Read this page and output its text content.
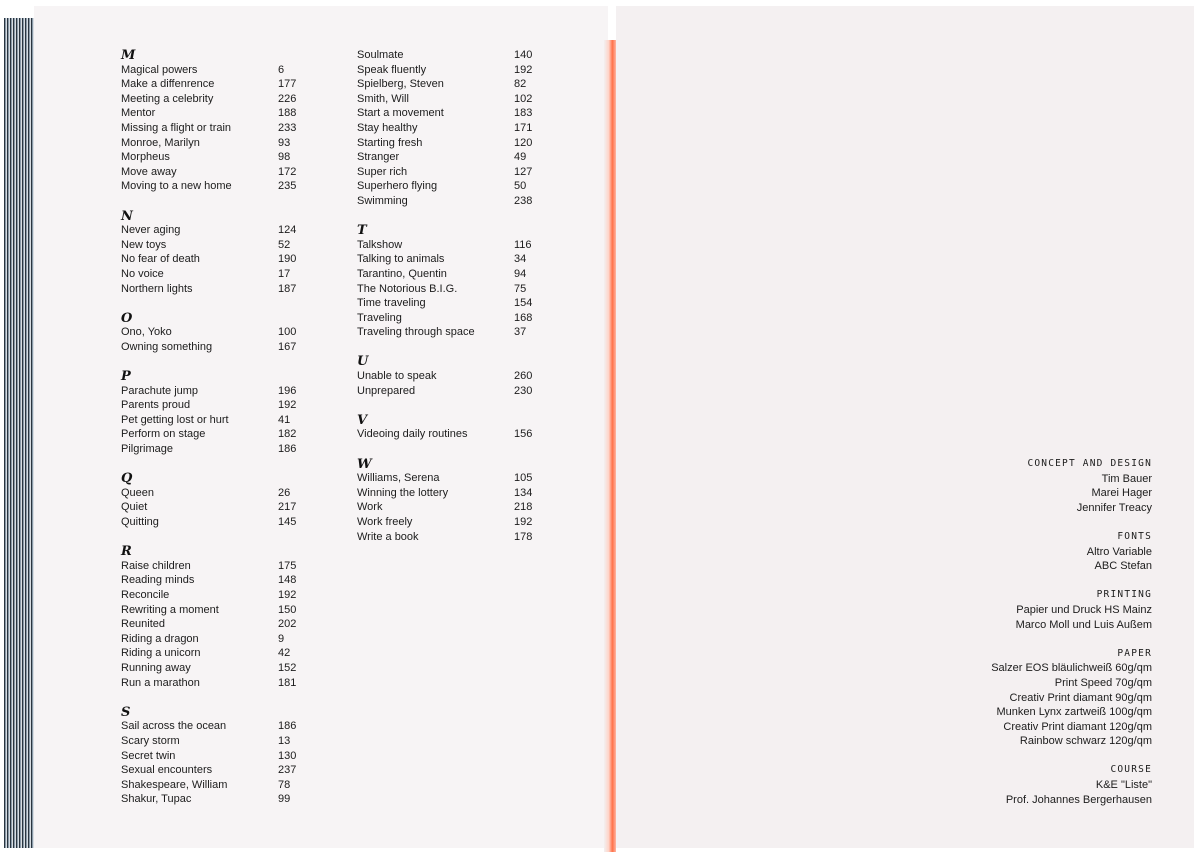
M
Magical powers	6
Make a diffenrence	177
Meeting a celebrity	226
Mentor	188
Missing a flight or train	233
Monroe, Marilyn	93
Morpheus	98
Move away	172
Moving to a new home	235
N
Never aging	124
New toys	52
No fear of death	190
No voice	17
Northern lights	187
O
Ono, Yoko	100
Owning something	167
P
Parachute jump	196
Parents proud	192
Pet getting lost or hurt	41
Perform on stage	182
Pilgrimage	186
Q
Queen	26
Quiet	217
Quitting	145
R
Raise children	175
Reading minds	148
Reconcile	192
Rewriting a moment	150
Reunited	202
Riding a dragon	9
Riding a unicorn	42
Running away	152
Run a marathon	181
S
Sail across the ocean	186
Scary storm	13
Secret twin	130
Sexual encounters	237
Shakespeare, William	78
Shakur, Tupac	99
Soulmate	140
Speak fluently	192
Spielberg, Steven	82
Smith, Will	102
Start a movement	183
Stay healthy	171
Starting fresh	120
Stranger	49
Super rich	127
Superhero flying	50
Swimming	238
T
Talkshow	116
Talking to animals	34
Tarantino, Quentin	94
The Notorious B.I.G.	75
Time traveling	154
Traveling	168
Traveling through space	37
U
Unable to speak	260
Unprepared	230
V
Videoing daily routines	156
W
Williams, Serena	105
Winning the lottery	134
Work	218
Work freely	192
Write a book	178
CONCEPT AND DESIGN
Tim Bauer
Marei Hager
Jennifer Treacy
FONTS
Altro Variable
ABC Stefan
PRINTING
Papier und Druck HS Mainz
Marco Moll und Luis Außem
PAPER
Salzer EOS bläulichweiß 60g/qm
Print Speed 70g/qm
Creativ Print diamant 90g/qm
Munken Lynx zartweiß 100g/qm
Creativ Print diamant 120g/qm
Rainbow schwarz 120g/qm
COURSE
K&E "Liste"
Prof. Johannes Bergerhausen
